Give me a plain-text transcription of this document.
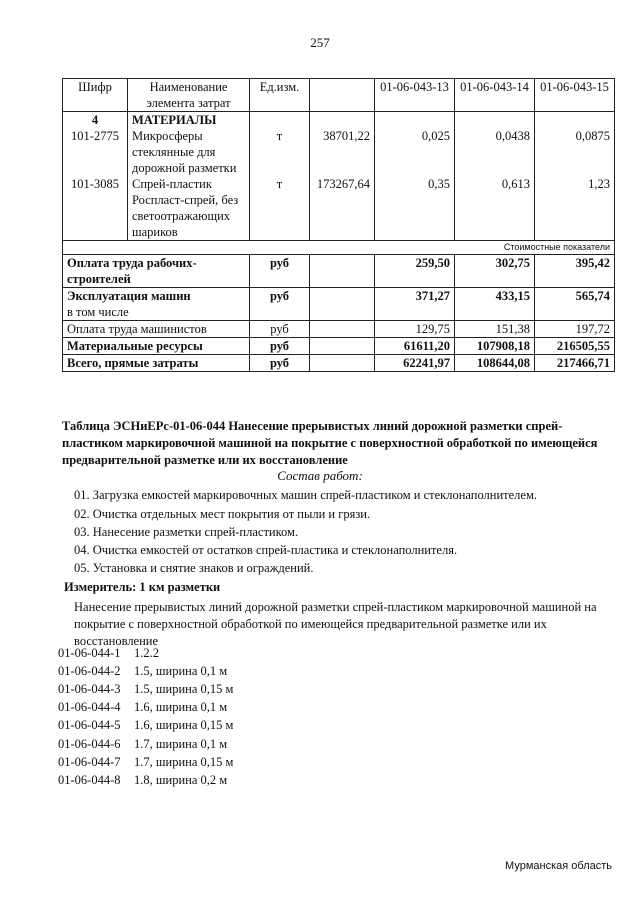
257
Шифр	Наименование элемента затрат	Ед.изм.		01-06-043-13	01-06-043-14	01-06-043-15
4	МАТЕРИАЛЫ					
101-2775	Микросферы стеклянные для дорожной разметки	т	38701,22	0,025	0,0438	0,0875
101-3085	Спрей-пластик Роспласт-спрей, без светоотражающих шариков	т	173267,64	0,35	0,613	1,23
Стоимостные показатели						
Оплата труда рабочих-строителей		руб		259,50	302,75	395,42

Эксплуатация машин
в том числе		руб		371,27	433,15	565,74
Оплата труда машинистов		руб		129,75	151,38	197,72
Материальные ресурсы		руб		61611,20	107908,18	216505,55
Всего, прямые затраты		руб		62241,97	108644,08	217466,71
Таблица ЭСНиЕРс-01-06-044 Нанесение прерывистых линий дорожной разметки спрей-пластиком маркировочной машиной на покрытие с поверхностной обработкой по имеющейся предварительной разметке или их восстановление
Состав работ:
01. Загрузка емкостей маркировочных машин спрей-пластиком и стеклонаполнителем.
02. Очистка отдельных мест покрытия от пыли и грязи.
03. Нанесение разметки спрей-пластиком.
04. Очистка емкостей от остатков спрей-пластика и стеклонаполнителя.
05. Установка и снятие знаков и ограждений.
Измеритель: 1 км разметки
Нанесение прерывистых линий дорожной разметки спрей-пластиком маркировочной машиной на покрытие с поверхностной обработкой по имеющейся предварительной разметке или их восстановление
01-06-044-1 1.2.2
01-06-044-2 1.5, ширина 0,1 м
01-06-044-3 1.5, ширина 0,15 м
01-06-044-4 1.6, ширина 0,1 м
01-06-044-5 1.6, ширина 0,15 м
01-06-044-6 1.7, ширина 0,1 м
01-06-044-7 1.7, ширина 0,15 м
01-06-044-8 1.8, ширина 0,2 м
Мурманская область
